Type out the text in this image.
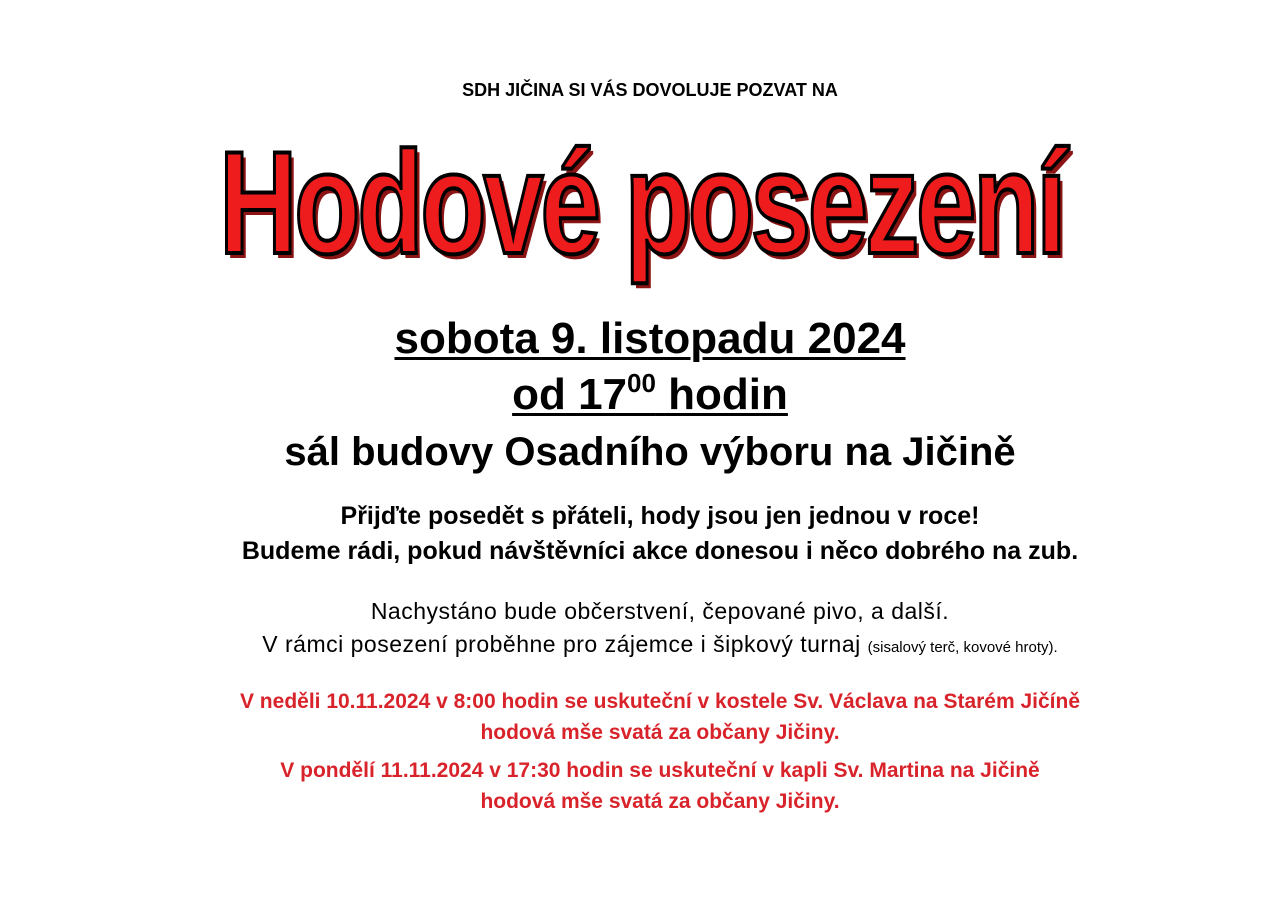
SDH JIČINA SI VÁS DOVOLUJE POZVAT NA
Hodové posezení
sobota 9. listopadu 2024
od $17^{00}$ hodin
sál budovy Osadního výboru na Jičině
Přijďte posedět s přáteli, hody jsou jen jednou v roce!
Budeme rádi, pokud návštěvníci akce donesou i něco dobrého na zub.
Nachystáno bude občerstvení, čepované pivo, a další.
V rámci posezení proběhne pro zájemce i šipkový turnaj (sisalový terč, kovové hroty).
V neděli 10.11.2024 v 8:00 hodin se uskuteční v kostele Sv. Václava na Starém Jičíně
hodová mše svatá za občany Jičiny.
V pondělí 11.11.2024 v 17:30 hodin se uskuteční v kapli Sv. Martina na Jičině
hodová mše svatá za občany Jičiny.
